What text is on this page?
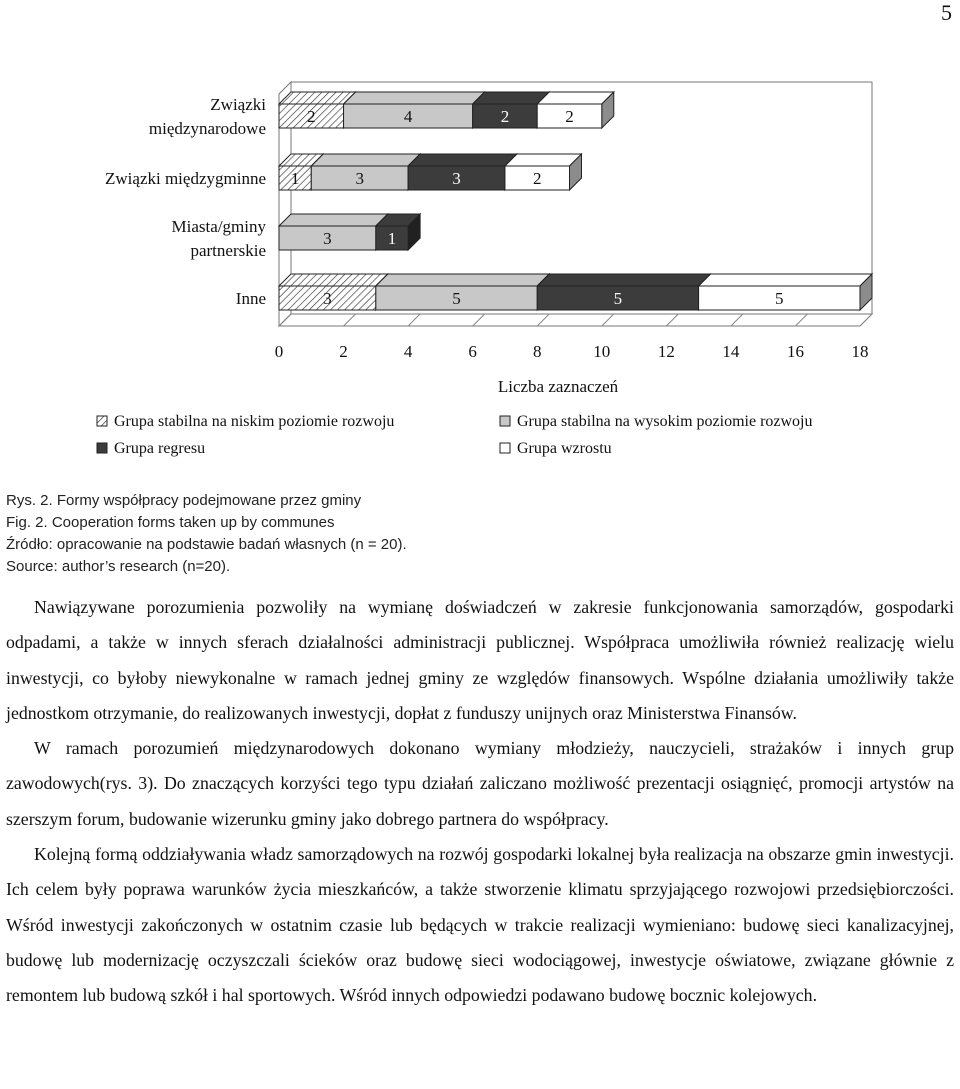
5
2	4	2	2
1	3	3	2
3	1
3	5	5	5
0	2	4	6	8	10	12	14	16	18
Związki
międzynarodowe
Związki międzygminne
Miasta/gminy
partnerskie
Inne
Liczba zaznaczeń
Grupa stabilna na niskim poziomie rozwoju	Grupa stabilna na wysokim poziomie rozwoju
Grupa regresu	Grupa wzrostu
Rys. 2. Formy współpracy podejmowane przez gminy
Fig. 2. Cooperation forms taken up by communes
Źródło: opracowanie na podstawie badań własnych (n = 20).
Source: author’s research (n=20).

Nawiązywane porozumienia pozwoliły na wymianę doświadczeń w zakresie funkcjonowania samorządów, gospodarki odpadami, a także w innych sferach działalności administracji publicznej. Współpraca umożliwiła również realizację wielu inwestycji, co byłoby niewykonalne w ramach jednej gminy ze względów finansowych. Wspólne działania umożliwiły także jednostkom otrzymanie, do realizowanych inwestycji, dopłat z funduszy unijnych oraz Ministerstwa Finansów.

W ramach porozumień międzynarodowych dokonano wymiany młodzieży, nauczycieli, strażaków i innych grup zawodowych(rys. 3). Do znaczących korzyści tego typu działań zaliczano możliwość prezentacji osiągnięć, promocji artystów na szerszym forum, budowanie wizerunku gminy jako dobrego partnera do współpracy.

Kolejną formą oddziaływania władz samorządowych na rozwój gospodarki lokalnej była realizacja na obszarze gmin inwestycji. Ich celem były poprawa warunków życia mieszkańców, a także stworzenie klimatu sprzyjającego rozwojowi przedsiębiorczości. Wśród inwestycji zakończonych w ostatnim czasie lub będących w trakcie realizacji wymieniano: budowę sieci kanalizacyjnej, budowę lub modernizację oczyszczali ścieków oraz budowę sieci wodociągowej, inwestycje oświatowe, związane głównie z remontem lub budową szkół i hal sportowych. Wśród innych odpowiedzi podawano budowę bocznic kolejowych.
